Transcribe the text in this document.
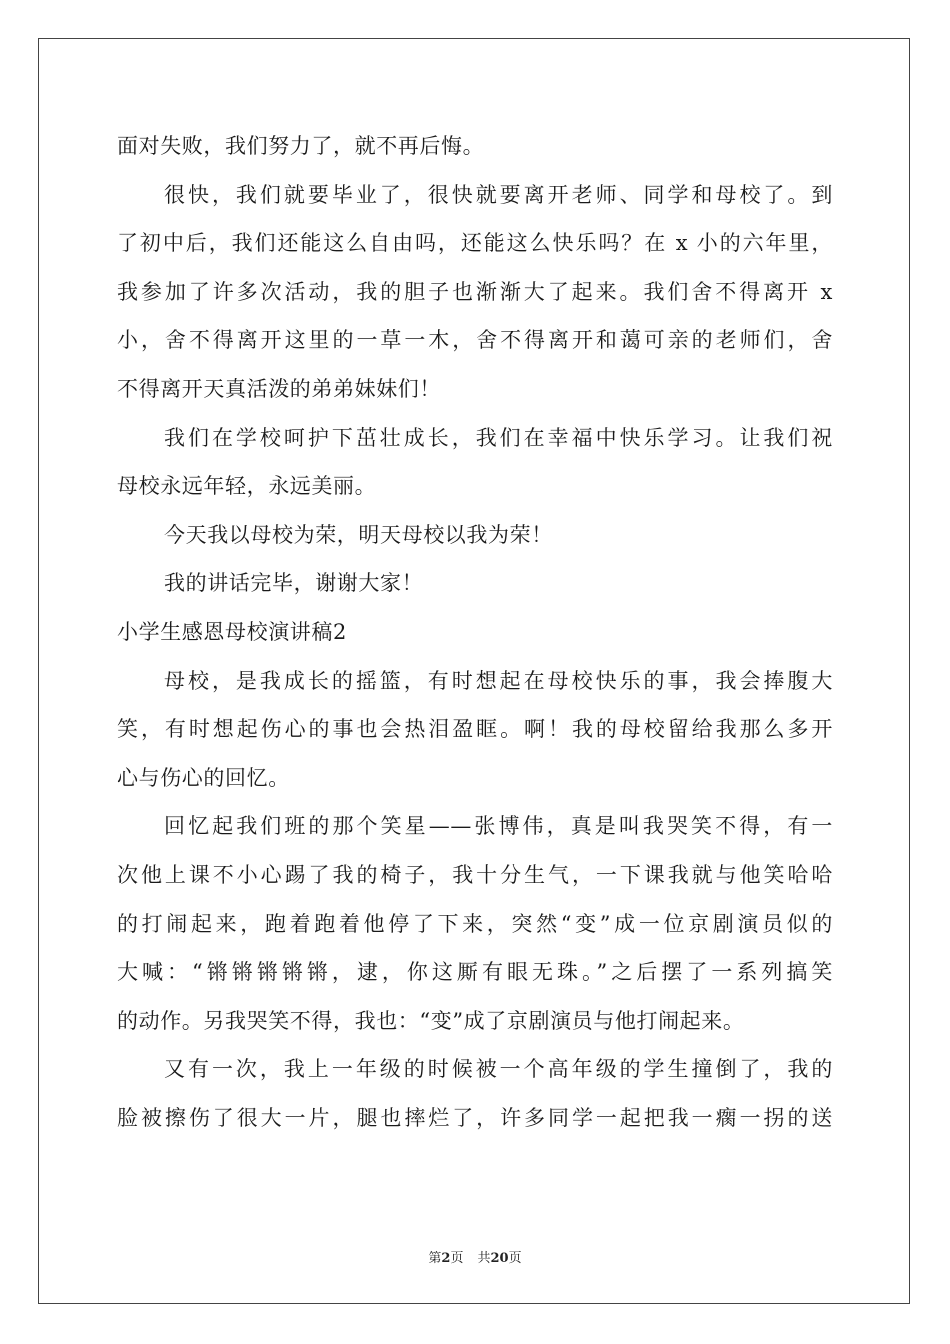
面对失败，我们努力了，就不再后悔。
很快，我们就要毕业了，很快就要离开老师、同学和母校了。到
了初中后，我们还能这么自由吗，还能这么快乐吗？在 x 小的六年里，
我参加了许多次活动，我的胆子也渐渐大了起来。我们舍不得离开 x
小，舍不得离开这里的一草一木，舍不得离开和蔼可亲的老师们，舍
不得离开天真活泼的弟弟妹妹们！
我们在学校呵护下茁壮成长，我们在幸福中快乐学习。让我们祝
母校永远年轻，永远美丽。
今天我以母校为荣，明天母校以我为荣！
我的讲话完毕，谢谢大家！
小学生感恩母校演讲稿2
母校，是我成长的摇篮，有时想起在母校快乐的事，我会捧腹大
笑，有时想起伤心的事也会热泪盈眶。啊！我的母校留给我那么多开
心与伤心的回忆。
回忆起我们班的那个笑星——张博伟，真是叫我哭笑不得，有一
次他上课不小心踢了我的椅子，我十分生气，一下课我就与他笑哈哈
的打闹起来，跑着跑着他停了下来，突然“变”成一位京剧演员似的
大喊：“锵锵锵锵锵，逮，你这厮有眼无珠。”之后摆了一系列搞笑
的动作。另我哭笑不得，我也：“变”成了京剧演员与他打闹起来。
又有一次，我上一年级的时候被一个高年级的学生撞倒了，我的
脸被擦伤了很大一片，腿也摔烂了，许多同学一起把我一瘸一拐的送
第2页 共20页
